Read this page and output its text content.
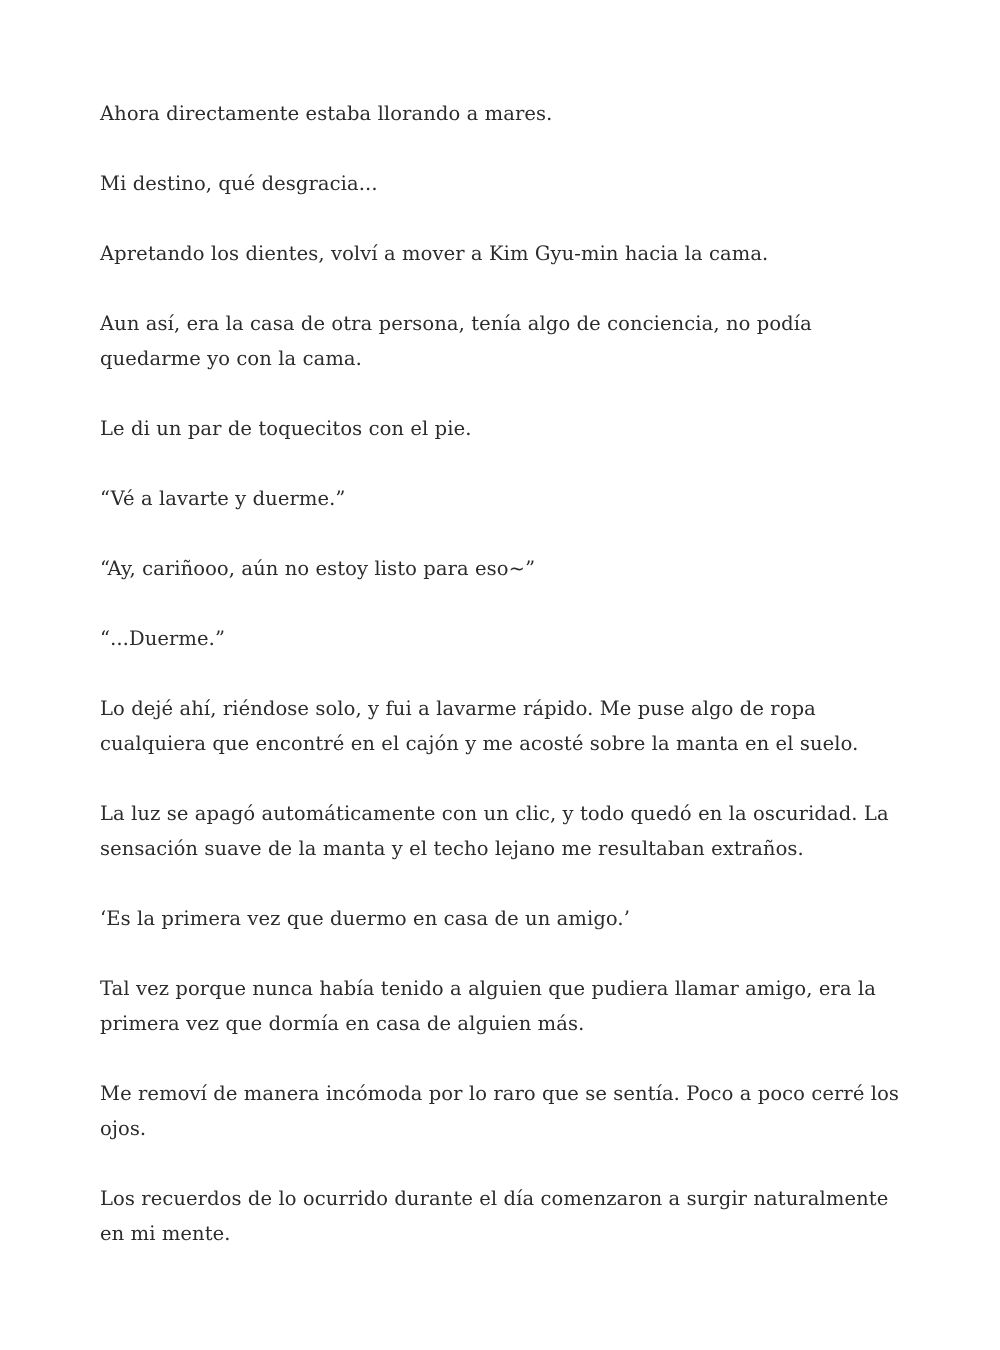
Ahora directamente estaba llorando a mares.

Mi destino, qué desgracia...

Apretando los dientes, volví a mover a Kim Gyu-min hacia la cama.

Aun así, era la casa de otra persona, tenía algo de conciencia, no podía quedarme yo con la cama.

Le di un par de toquecitos con el pie.

“Vé a lavarte y duerme.”

“Ay, cariñooo, aún no estoy listo para eso~”

“...Duerme.”

Lo dejé ahí, riéndose solo, y fui a lavarme rápido. Me puse algo de ropa cualquiera que encontré en el cajón y me acosté sobre la manta en el suelo.

La luz se apagó automáticamente con un clic, y todo quedó en la oscuridad. La sensación suave de la manta y el techo lejano me resultaban extraños.

‘Es la primera vez que duermo en casa de un amigo.’

Tal vez porque nunca había tenido a alguien que pudiera llamar amigo, era la primera vez que dormía en casa de alguien más.

Me removí de manera incómoda por lo raro que se sentía. Poco a poco cerré los ojos.

Los recuerdos de lo ocurrido durante el día comenzaron a surgir naturalmente en mi mente.
